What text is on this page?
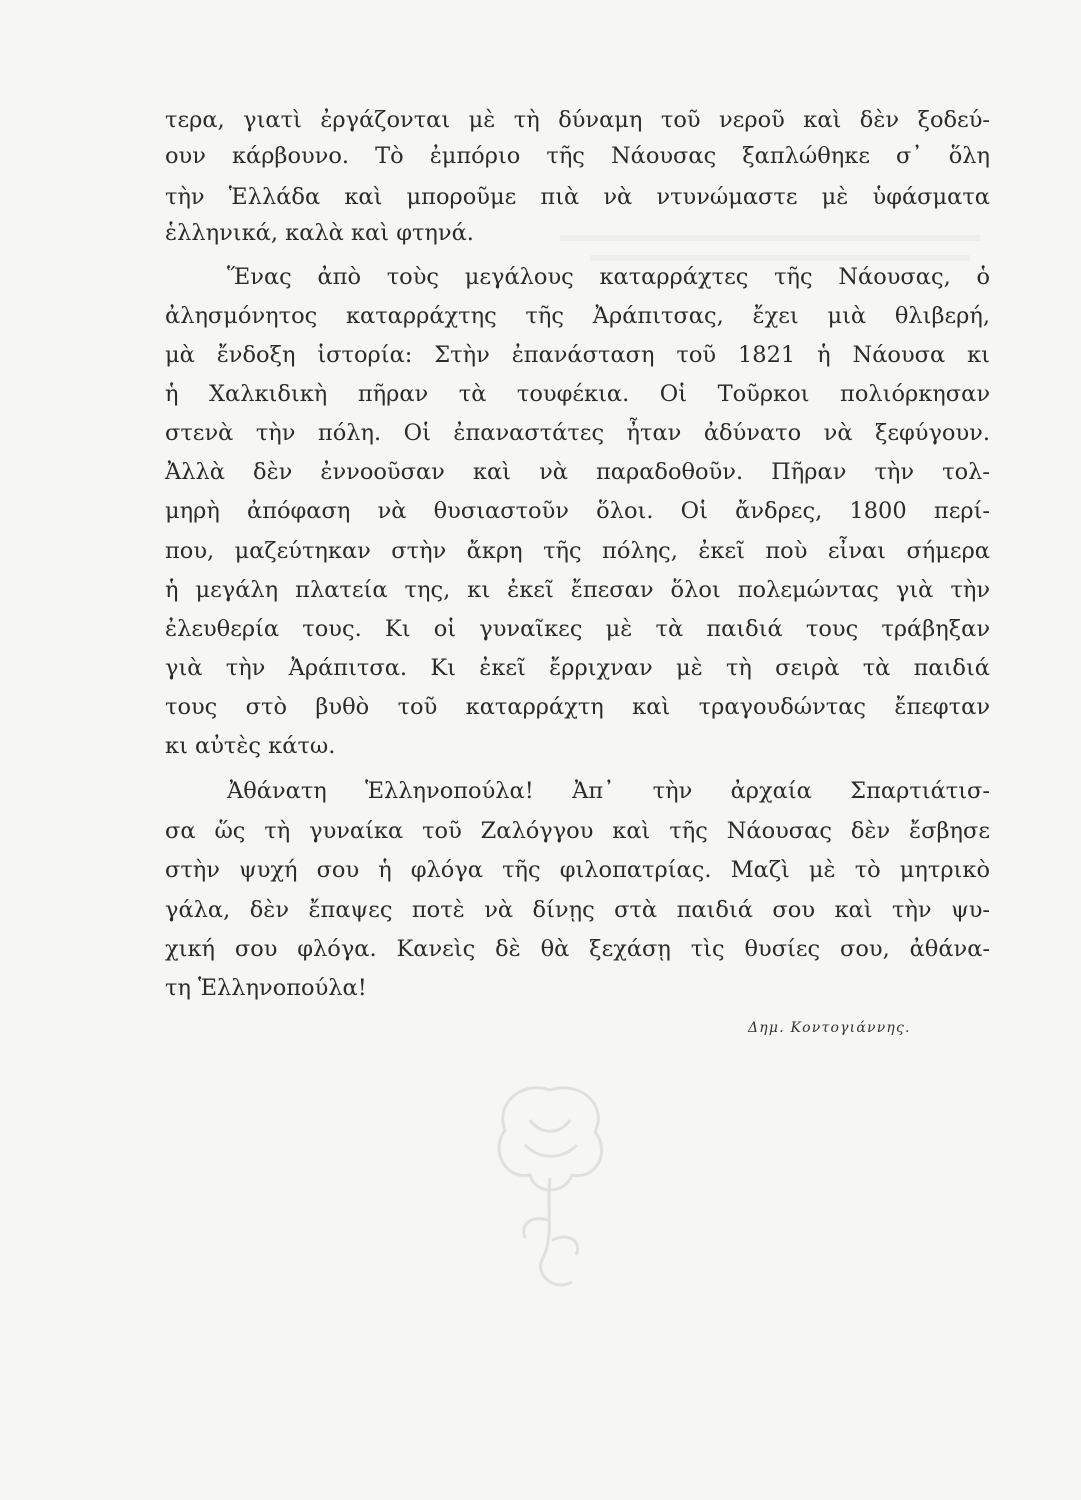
τερα, γιατὶ ἐργάζονται μὲ τὴ δύναμη τοῦ νεροῦ καὶ δὲν ξοδεύ-
ουν κάρβουνο. Τὸ ἐμπόριο τῆς Νάουσας ξαπλώθηκε σ᾽ ὅλη
τὴν Ἑλλάδα καὶ μποροῦμε πιὰ νὰ ντυνώμαστε μὲ ὑφάσματα
ἑλληνικά, καλὰ καὶ φτηνά.
Ἕνας ἀπὸ τοὺς μεγάλους καταρράχτες τῆς Νάουσας, ὁ
ἀλησμόνητος καταρράχτης τῆς Ἀράπιτσας, ἔχει μιὰ θλιβερή,
μὰ ἔνδοξη ἱστορία: Στὴν ἐπανάσταση τοῦ 1821 ἡ Νάουσα κι
ἡ Χαλκιδικὴ πῆραν τὰ τουφέκια. Οἱ Τοῦρκοι πολιόρκησαν
στενὰ τὴν πόλη. Οἱ ἐπαναστάτες ἦταν ἀδύνατο νὰ ξεφύγουν.
Ἀλλὰ δὲν ἐννοοῦσαν καὶ νὰ παραδοθοῦν. Πῆραν τὴν τολ-
μηρὴ ἀπόφαση νὰ θυσιαστοῦν ὅλοι. Οἱ ἄνδρες, 1800 περί-
που, μαζεύτηκαν στὴν ἄκρη τῆς πόλης, ἐκεῖ ποὺ εἶναι σήμερα
ἡ μεγάλη πλατεία της, κι ἐκεῖ ἔπεσαν ὅλοι πολεμώντας γιὰ τὴν
ἐλευθερία τους. Κι οἱ γυναῖκες μὲ τὰ παιδιά τους τράβηξαν
γιὰ τὴν Ἀράπιτσα. Κι ἐκεῖ ἔρριχναν μὲ τὴ σειρὰ τὰ παιδιά
τους στὸ βυθὸ τοῦ καταρράχτη καὶ τραγουδώντας ἔπεφταν
κι αὐτὲς κάτω.
Ἀθάνατη Ἑλληνοπούλα! Ἀπ᾽ τὴν ἀρχαία Σπαρτιάτισ-
σα ὥς τὴ γυναίκα τοῦ Ζαλόγγου καὶ τῆς Νάουσας δὲν ἔσβησε
στὴν ψυχή σου ἡ φλόγα τῆς φιλοπατρίας. Μαζὶ μὲ τὸ μητρικὸ
γάλα, δὲν ἔπαψες ποτὲ νὰ δίνῃς στὰ παιδιά σου καὶ τὴν ψυ-
χική σου φλόγα. Κανεὶς δὲ θὰ ξεχάσῃ τὶς θυσίες σου, ἀθάνα-
τη Ἑλληνοπούλα!
Δημ. Κοντογιάννης.
